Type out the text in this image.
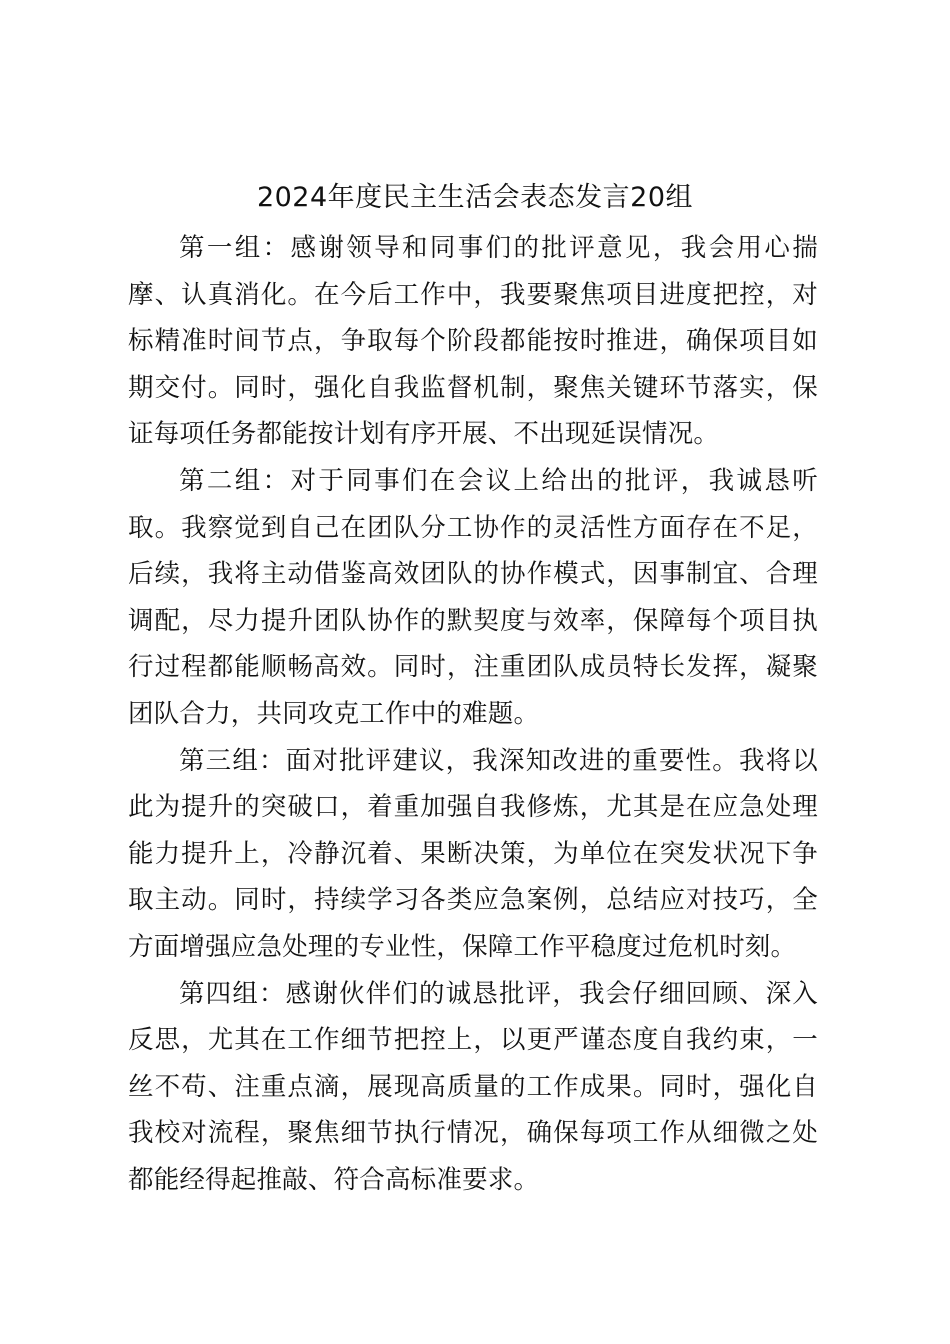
2024年度民主生活会表态发言20组

第一组：感谢领导和同事们的批评意见，我会用心揣摩、认真消化。在今后工作中，我要聚焦项目进度把控，对标精准时间节点，争取每个阶段都能按时推进，确保项目如期交付。同时，强化自我监督机制，聚焦关键环节落实，保证每项任务都能按计划有序开展、不出现延误情况。

第二组：对于同事们在会议上给出的批评，我诚恳听取。我察觉到自己在团队分工协作的灵活性方面存在不足，后续，我将主动借鉴高效团队的协作模式，因事制宜、合理调配，尽力提升团队协作的默契度与效率，保障每个项目执行过程都能顺畅高效。同时，注重团队成员特长发挥，凝聚团队合力，共同攻克工作中的难题。

第三组：面对批评建议，我深知改进的重要性。我将以此为提升的突破口，着重加强自我修炼，尤其是在应急处理能力提升上，冷静沉着、果断决策，为单位在突发状况下争取主动。同时，持续学习各类应急案例，总结应对技巧，全方面增强应急处理的专业性，保障工作平稳度过危机时刻。

第四组：感谢伙伴们的诚恳批评，我会仔细回顾、深入反思，尤其在工作细节把控上，以更严谨态度自我约束，一丝不苟、注重点滴，展现高质量的工作成果。同时，强化自我校对流程，聚焦细节执行情况，确保每项工作从细微之处都能经得起推敲、符合高标准要求。
